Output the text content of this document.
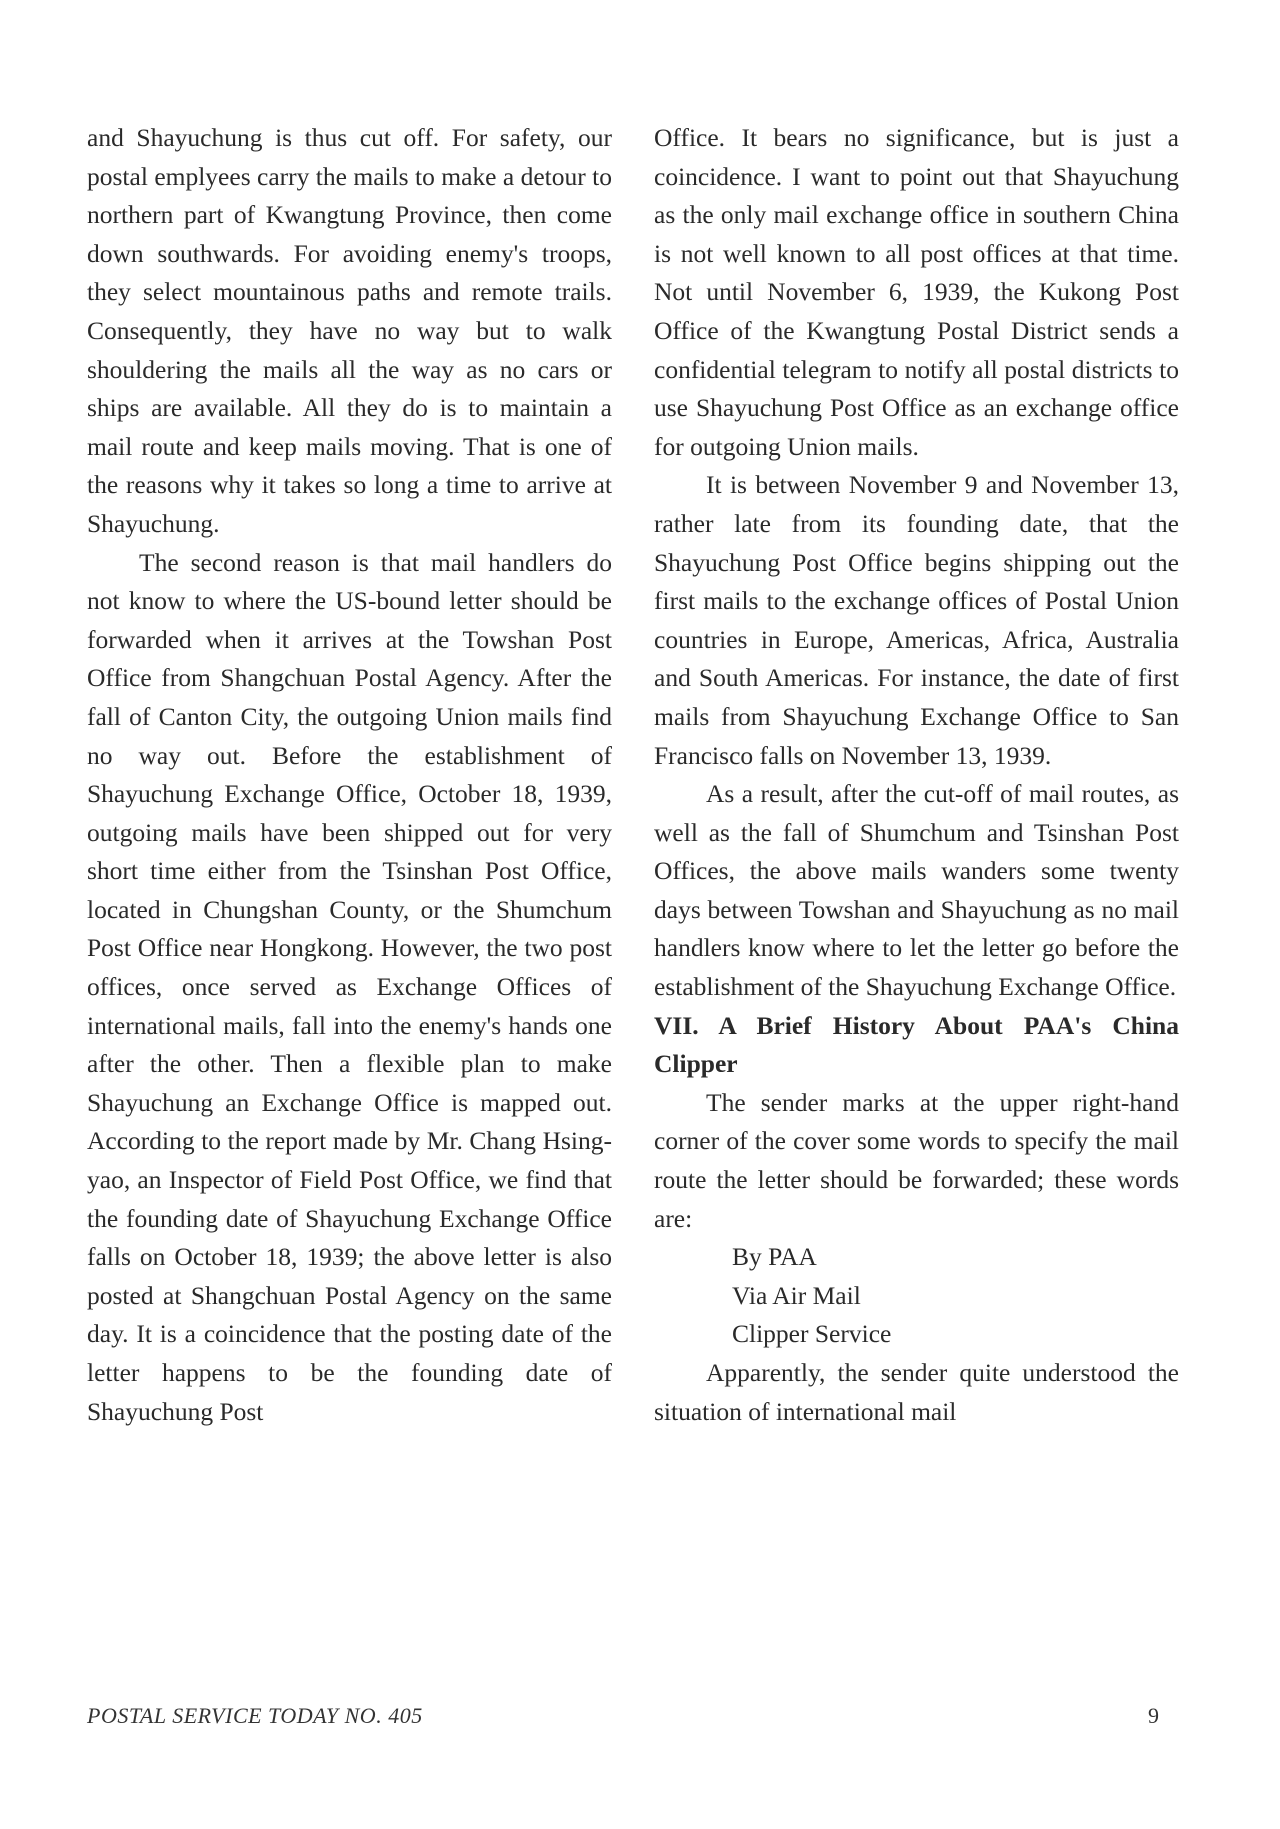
and Shayuchung is thus cut off. For safety, our postal emplyees carry the mails to make a detour to northern part of Kwangtung Province, then come down southwards. For avoiding enemy's troops, they select mountainous paths and remote trails. Consequently, they have no way but to walk shouldering the mails all the way as no cars or ships are available. All they do is to maintain a mail route and keep mails moving. That is one of the reasons why it takes so long a time to arrive at Shayuchung.

The second reason is that mail handlers do not know to where the US-bound letter should be forwarded when it arrives at the Towshan Post Office from Shangchuan Postal Agency. After the fall of Canton City, the outgoing Union mails find no way out. Before the establishment of Shayuchung Exchange Office, October 18, 1939, outgoing mails have been shipped out for very short time either from the Tsinshan Post Office, located in Chungshan County, or the Shumchum Post Office near Hongkong. However, the two post offices, once served as Exchange Offices of international mails, fall into the enemy's hands one after the other. Then a flexible plan to make Shayuchung an Exchange Office is mapped out. According to the report made by Mr. Chang Hsing-yao, an Inspector of Field Post Office, we find that the founding date of Shayuchung Exchange Office falls on October 18, 1939; the above letter is also posted at Shangchuan Postal Agency on the same day. It is a coincidence that the posting date of the letter happens to be the founding date of Shayuchung Post

Office. It bears no significance, but is just a coincidence. I want to point out that Shayuchung as the only mail exchange office in southern China is not well known to all post offices at that time. Not until November 6, 1939, the Kukong Post Office of the Kwangtung Postal District sends a confidential telegram to notify all postal districts to use Shayuchung Post Office as an exchange office for outgoing Union mails.

It is between November 9 and November 13, rather late from its founding date, that the Shayuchung Post Office begins shipping out the first mails to the exchange offices of Postal Union countries in Europe, Americas, Africa, Australia and South Americas. For instance, the date of first mails from Shayuchung Exchange Office to San Francisco falls on November 13, 1939.

As a result, after the cut-off of mail routes, as well as the fall of Shumchum and Tsinshan Post Offices, the above mails wanders some twenty days between Towshan and Shayuchung as no mail handlers know where to let the letter go before the establishment of the Shayuchung Exchange Office.

VII. A Brief History About PAA's China Clipper

The sender marks at the upper right-hand corner of the cover some words to specify the mail route the letter should be forwarded; these words are:

By PAA
Via Air Mail
Clipper Service

Apparently, the sender quite understood the situation of international mail

POSTAL SERVICE TODAY NO. 405	9
